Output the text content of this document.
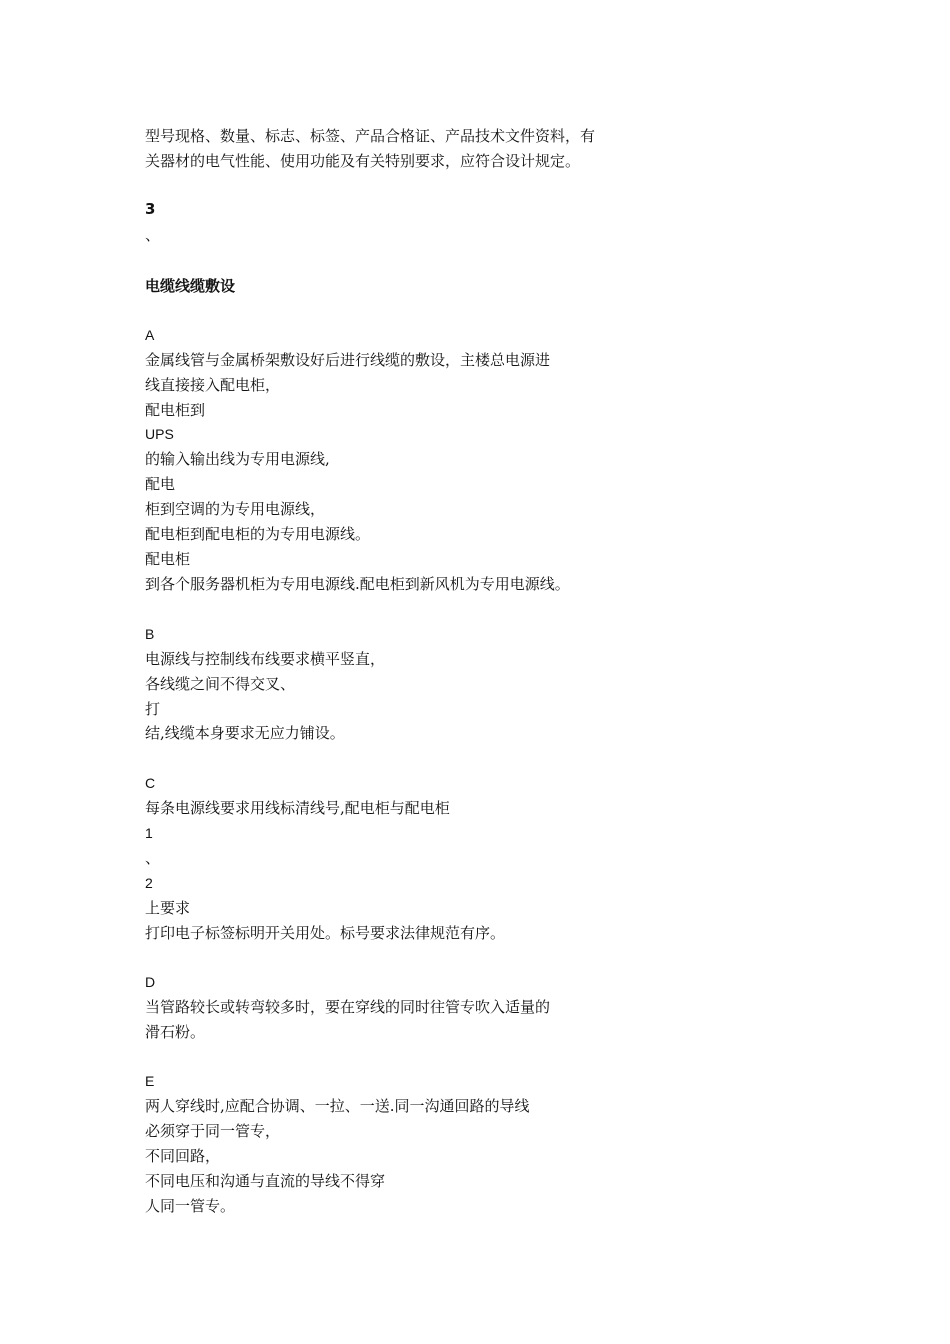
型号现格、数量、标志、标签、产品合格证、产品技术文件资料，有
关器材的电气性能、使用功能及有关特别要求，应符合设计规定。
3
、
电缆线缆敷设
A
金属线管与金属桥架敷设好后进行线缆的敷设，主楼总电源进
线直接接入配电柜，
配电柜到
UPS
的输入输出线为专用电源线,
配电
柜到空调的为专用电源线，
配电柜到配电柜的为专用电源线。
配电柜
到各个服务器机柜为专用电源线.配电柜到新风机为专用电源线。
B
电源线与控制线布线要求横平竖直，
各线缆之间不得交叉、
打
结,线缆本身要求无应力铺设。
C
每条电源线要求用线标清线号,配电柜与配电柜
1
、
2
上要求
打印电子标签标明开关用处。标号要求法律规范有序。
D
当管路较长或转弯较多时，要在穿线的同时往管专吹入适量的
滑石粉。
E
两人穿线时,应配合协调、一拉、一送.同一沟通回路的导线
必须穿于同一管专，
不同回路，
不同电压和沟通与直流的导线不得穿
人同一管专。
